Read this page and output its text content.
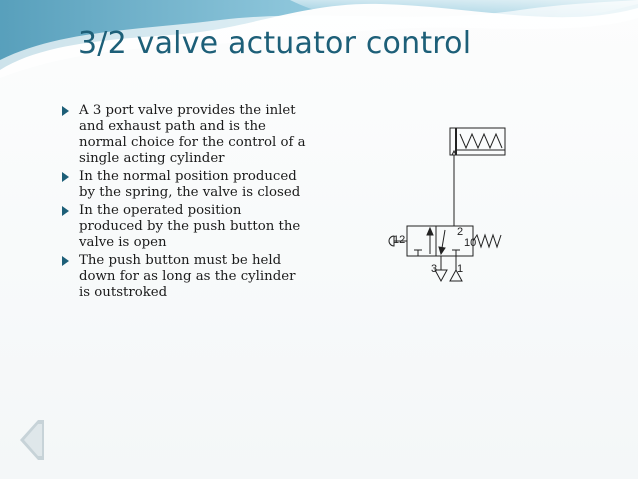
3/2 valve actuator control
A 3 port valve provides the inlet and exhaust path and is the normal choice for the control of a single acting cylinder
In the normal position produced by the spring, the valve is closed
In the operated position produced by the push button the valve is open
The push button must be held down for as long as the cylinder is outstroked
12
2
10
3 1
